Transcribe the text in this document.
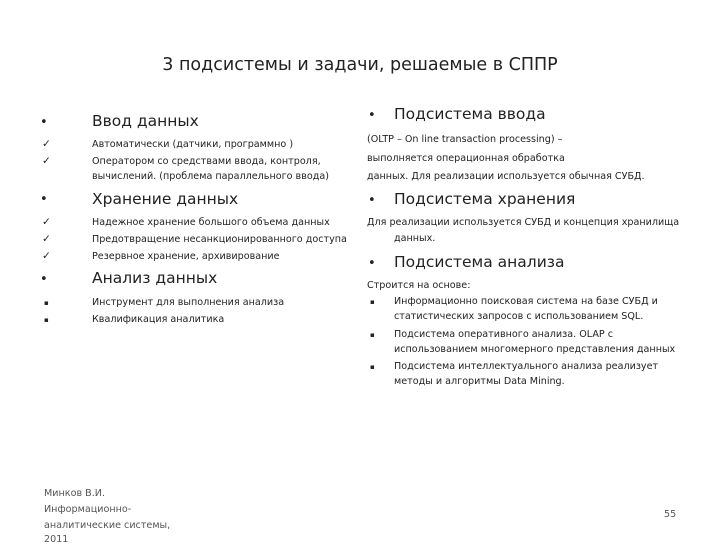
3 подсистемы и задачи, решаемые в СППР
•	Ввод данных
✓	Автоматически (датчики, программно )
✓	Оператором со средствами ввода, контроля,
вычислений. (проблема параллельного ввода)
•	Хранение данных
✓	Надежное хранение большого объема данных
✓	Предотвращение несанкционированного доступа
✓	Резервное хранение, архивирование
•	Анализ данных
▪	Инструмент для выполнения анализа
▪	Квалификация аналитика
• Подсистема ввода
(OLTP – On line transaction processing) –
выполняется операционная обработка
данных. Для реализации используется обычная СУБД.
• Подсистема хранения
Для реализации используется СУБД и концепция хранилища
данных.
• Подсистема анализа
Строится на основе:
▪ Информационно поисковая система на базе СУБД и
статистических запросов с использованием SQL.
▪ Подсистема оперативного анализа. OLAP с
использованием многомерного представления данных
▪ Подсистема интеллектуального анализа реализует
методы и алгоритмы Data Mining.
Минков В.И.
Информационно-
аналитические системы,
2011
55
